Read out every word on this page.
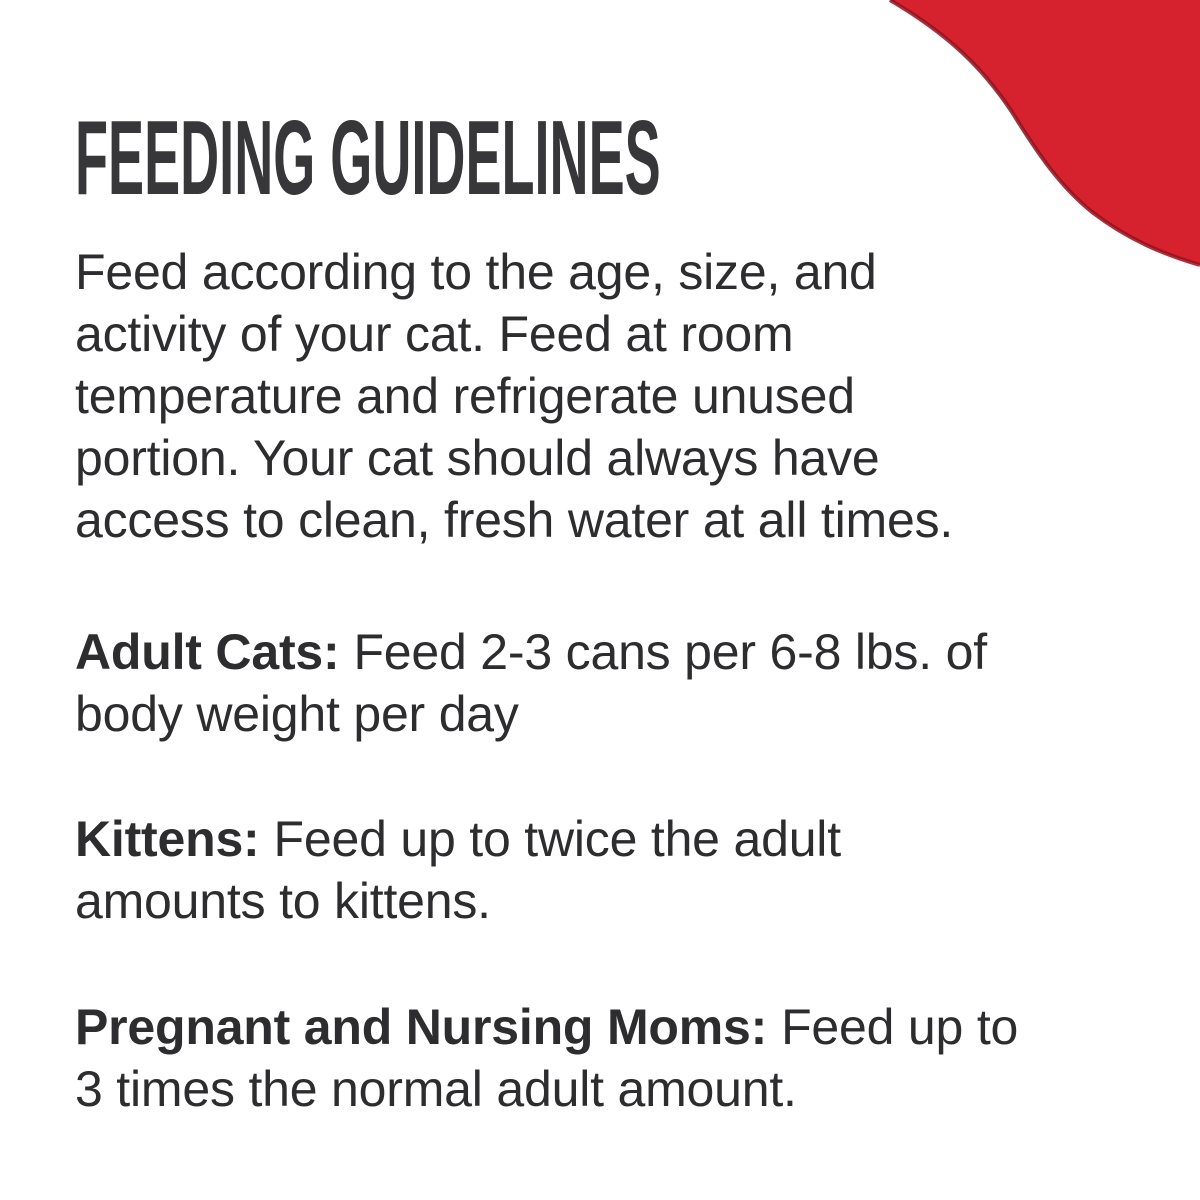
FEEDING GUIDELINES
Feed according to the age, size, and
activity of your cat. Feed at room
temperature and refrigerate unused
portion. Your cat should always have
access to clean, fresh water at all times.
Adult Cats: Feed 2-3 cans per 6-8 lbs. of
body weight per day
Kittens: Feed up to twice the adult
amounts to kittens.
Pregnant and Nursing Moms: Feed up to
3 times the normal adult amount.
